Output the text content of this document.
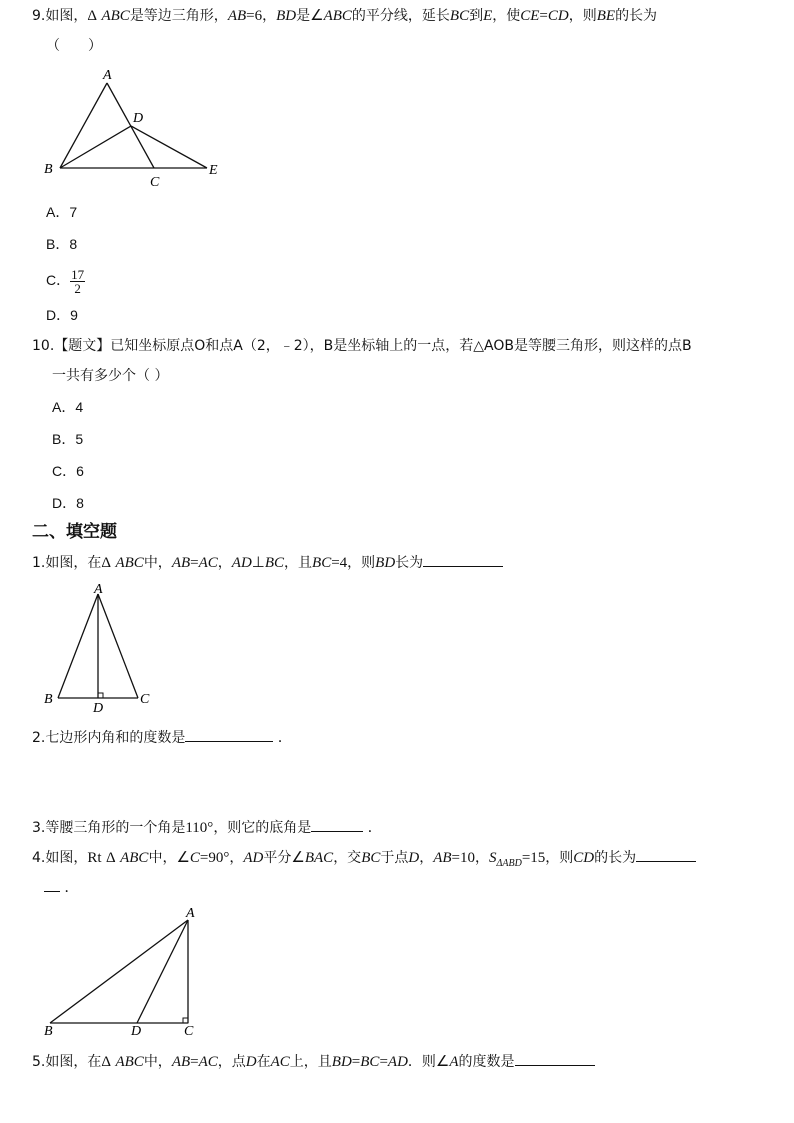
9.如图，Δ ABC是等边三角形，AB=6，BD是∠ABC的平分线，延长BC到E，使CE=CD，则BE的长为
（　　）
A
B
C
D
E
A．7
B．8
C． $\frac{17}{2}$
D．9
10.【题文】已知坐标原点O和点A（2，﹣2），B是坐标轴上的一点，若△AOB是等腰三角形，则这样的点B
一共有多少个（ ）
A．4
B．5
C．6
D．8
二、填空题
1.如图，在Δ ABC中，AB=AC，AD⊥BC，且BC=4，则BD长为
A
B	C
D
2.七边形内角和的度数是	．
3.等腰三角形的一个角是110°，则它的底角是	．
4.如图，Rt Δ ABC中，∠C=90°，AD平分∠BAC，交BC于点D，AB=10，$S_{\Delta ABD}=15$，则CD的长为
．
A
B	D	C
5.如图，在Δ ABC中，AB=AC，点D在AC上，且BD=BC=AD．则∠A的度数是
